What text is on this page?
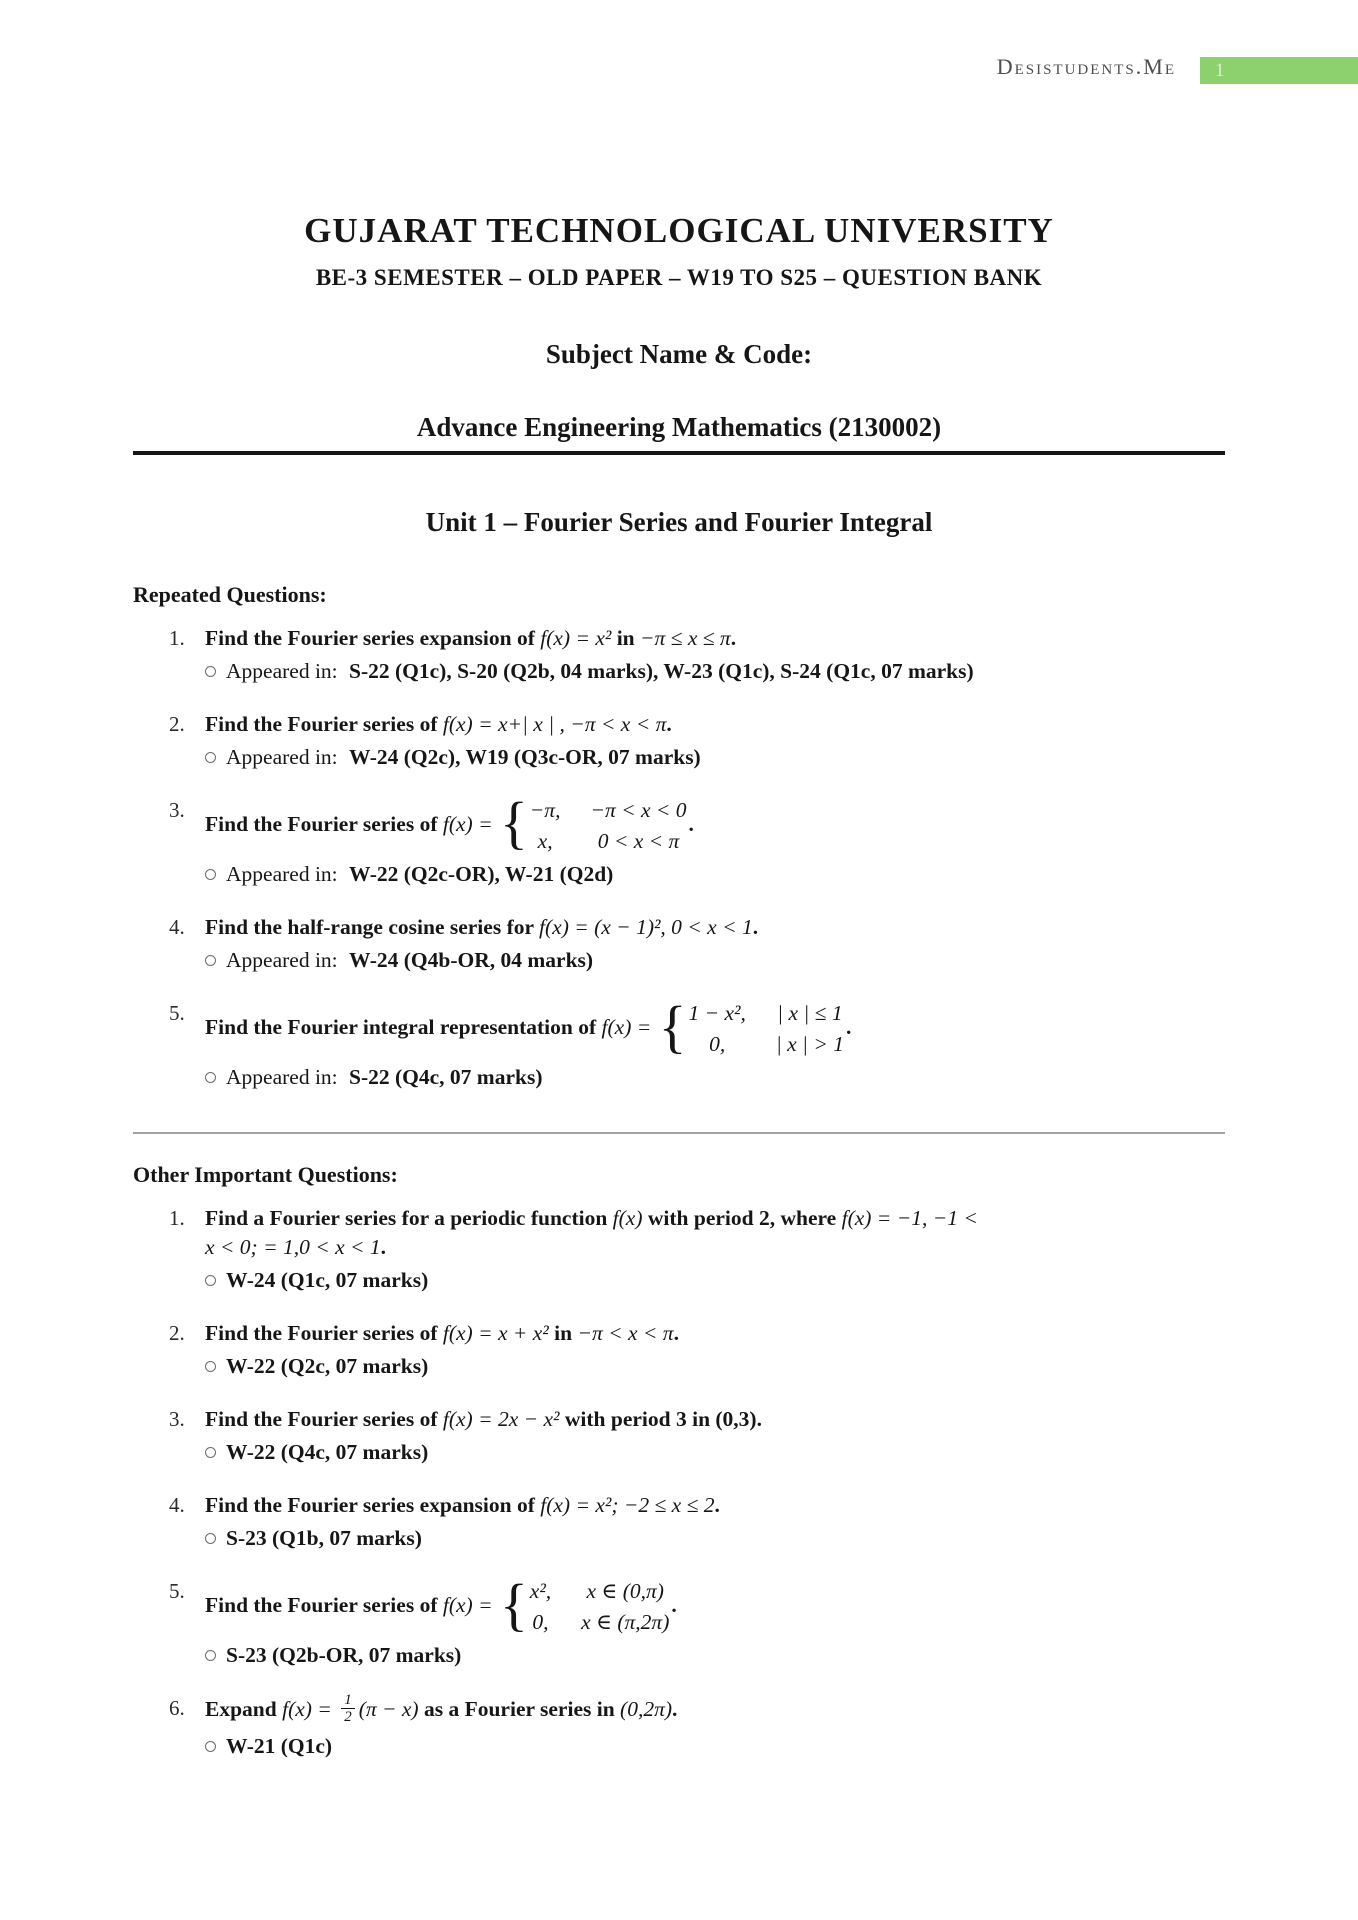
Desistudents.Me	1
GUJARAT TECHNOLOGICAL UNIVERSITY
BE-3 SEMESTER – OLD PAPER – W19 TO S25 – QUESTION BANK
Subject Name & Code:
Advance Engineering Mathematics (2130002)
Unit 1 – Fourier Series and Fourier Integral
Repeated Questions:
1. Find the Fourier series expansion of f(x) = x² in −π ≤ x ≤ π.
Appeared in: S-22 (Q1c), S-20 (Q2b, 04 marks), W-23 (Q1c), S-24 (Q1c, 07 marks)
2. Find the Fourier series of f(x) = x+| x | , −π < x < π.
Appeared in: W-24 (Q2c), W19 (Q3c-OR, 07 marks)
3.
Find the Fourier series of f(x) = { −π, −π < x < 0
x,	0 < x < π
.
Appeared in: W-22 (Q2c-OR), W-21 (Q2d)
4. Find the half-range cosine series for f(x) = (x − 1)², 0 < x < 1.
Appeared in: W-24 (Q4b-OR, 04 marks)
5.
Find the Fourier integral representation of f(x) = { 1 − x², | x | ≤ 1
0,	| x | > 1
.
Appeared in: S-22 (Q4c, 07 marks)
Other Important Questions:
1. Find a Fourier series for a periodic function f(x) with period 2, where f(x) = −1, −1 <
x < 0; = 1,0 < x < 1.
W-24 (Q1c, 07 marks)
2. Find the Fourier series of f(x) = x + x² in −π < x < π.
W-22 (Q2c, 07 marks)
3. Find the Fourier series of f(x) = 2x − x² with period 3 in (0,3).
W-22 (Q4c, 07 marks)
4. Find the Fourier series expansion of f(x) = x²; −2 ≤ x ≤ 2.
S-23 (Q1b, 07 marks)
5.
Find the Fourier series of f(x) = { x², x ∈ (0,π)
0, x ∈ (π,2π)
.
S-23 (Q2b-OR, 07 marks)
6. Expand $f(x) = \frac{1}{2} (\pi - x)$ as a Fourier series in (0,2π).
W-21 (Q1c)
